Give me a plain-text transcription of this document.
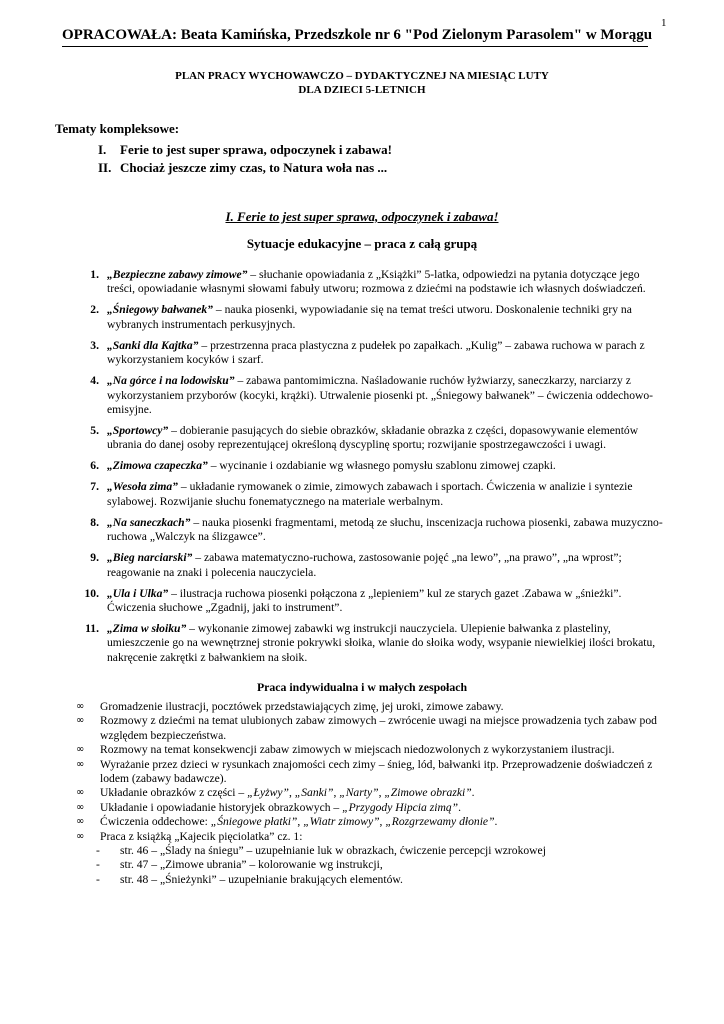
1
OPRACOWAŁA: Beata Kamińska, Przedszkole nr 6 "Pod Zielonym Parasolem" w Morągu
PLAN PRACY WYCHOWAWCZO – DYDAKTYCZNEJ NA MIESIĄC LUTY
DLA DZIECI 5-LETNICH
Tematy kompleksowe:
I.	Ferie to jest super sprawa, odpoczynek i zabawa!
II. Chociaż jeszcze zimy czas, to Natura woła nas ...
I. Ferie to jest super sprawa, odpoczynek i zabawa!
Sytuacje edukacyjne – praca z całą grupą
1. „Bezpieczne zabawy zimowe” – słuchanie opowiadania z „Książki” 5-latka, odpowiedzi na pytania dotyczące jego treści, opowiadanie własnymi słowami fabuły utworu; rozmowa z dziećmi na podstawie ich własnych doświadczeń.
2. „Śniegowy bałwanek” – nauka piosenki, wypowiadanie się na temat treści utworu. Doskonalenie techniki gry na wybranych instrumentach perkusyjnych.
3. „Sanki dla Kajtka” – przestrzenna praca plastyczna z pudełek po zapałkach. „Kulig” – zabawa ruchowa w parach z wykorzystaniem kocyków i szarf.
4. „Na górce i na lodowisku” – zabawa pantomimiczna. Naśladowanie ruchów łyżwiarzy, saneczkarzy, narciarzy z wykorzystaniem przyborów (kocyki, krążki). Utrwalenie piosenki pt. „Śniegowy bałwanek” – ćwiczenia oddechowo-emisyjne.
5. „Sportowcy” – dobieranie pasujących do siebie obrazków, składanie obrazka z części, dopasowywanie elementów ubrania do danej osoby reprezentującej określoną dyscyplinę sportu; rozwijanie spostrzegawczości i uwagi.
6. „Zimowa czapeczka” – wycinanie i ozdabianie wg własnego pomysłu szablonu zimowej czapki.
7. „Wesoła zima” – układanie rymowanek o zimie, zimowych zabawach i sportach. Ćwiczenia w analizie i syntezie sylabowej. Rozwijanie słuchu fonematycznego na materiale werbalnym.
8. „Na saneczkach” – nauka piosenki fragmentami, metodą ze słuchu, inscenizacja ruchowa piosenki, zabawa muzyczno-ruchowa „Walczyk na ślizgawce”.
9. „Bieg narciarski” – zabawa matematyczno-ruchowa, zastosowanie pojęć „na lewo”, „na prawo”, „na wprost”; reagowanie na znaki i polecenia nauczyciela.
10. „Ula i Ulka” – ilustracja ruchowa piosenki połączona z „lepieniem” kul ze starych gazet .Zabawa w „śnieżki”. Ćwiczenia słuchowe „Zgadnij, jaki to instrument”.
11. „Zima w słoiku” – wykonanie zimowej zabawki wg instrukcji nauczyciela. Ulepienie bałwanka z plasteliny, umieszczenie go na wewnętrznej stronie pokrywki słoika, wlanie do słoika wody, wsypanie niewielkiej ilości brokatu, nakręcenie zakrętki z bałwankiem na słoik.
Praca indywidualna i w małych zespołach
∞	Gromadzenie ilustracji, pocztówek przedstawiających zimę, jej uroki, zimowe zabawy.
∞	Rozmowy z dziećmi na temat ulubionych zabaw zimowych – zwrócenie uwagi na miejsce prowadzenia tych zabaw pod względem bezpieczeństwa.
∞	Rozmowy na temat konsekwencji zabaw zimowych w miejscach niedozwolonych z wykorzystaniem ilustracji.
∞	Wyrażanie przez dzieci w rysunkach znajomości cech zimy – śnieg, lód, bałwanki itp. Przeprowadzenie doświadczeń z lodem (zabawy badawcze).
∞	Układanie obrazków z części – „Łyżwy”, „Sanki”, „Narty”, „Zimowe obrazki”.
∞	Układanie i opowiadanie historyjek obrazkowych – „Przygody Hipcia zimą”.
∞	Ćwiczenia oddechowe: „Śniegowe płatki”, „Wiatr zimowy”, „Rozgrzewamy dłonie”.
∞	Praca z książką „Kajecik pięciolatka” cz. 1:
-	str. 46 – „Ślady na śniegu” – uzupełnianie luk w obrazkach, ćwiczenie percepcji wzrokowej
-	str. 47 – „Zimowe ubrania” – kolorowanie wg instrukcji,
-	str. 48 – „Śnieżynki” – uzupełnianie brakujących elementów.
